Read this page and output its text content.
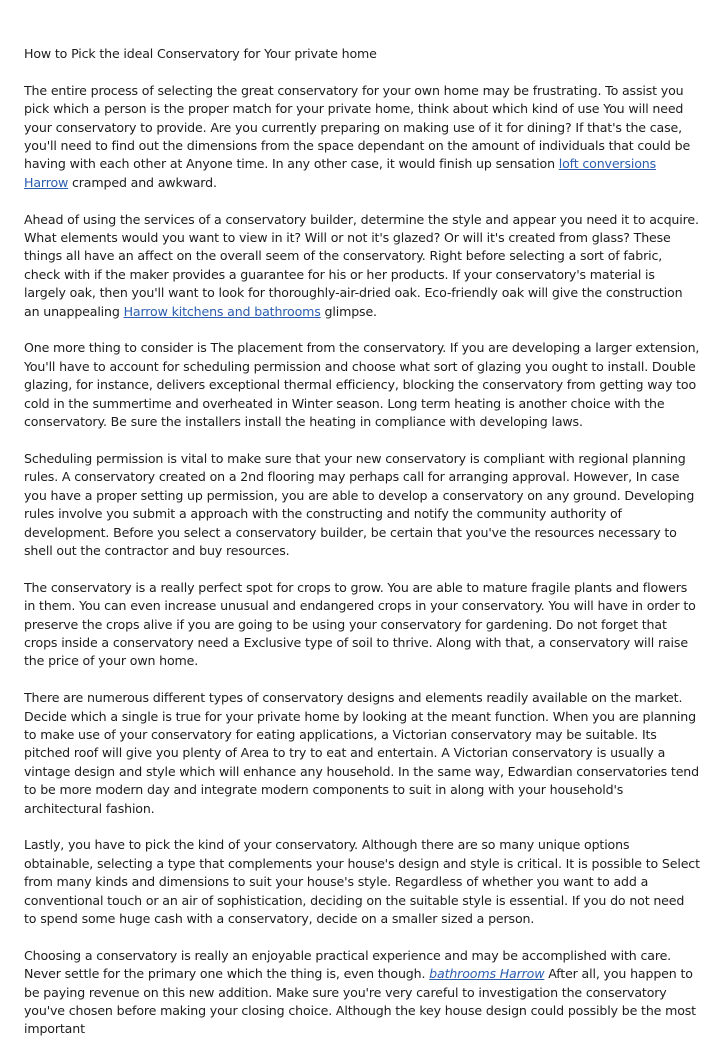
How to Pick the ideal Conservatory for Your private home

The entire process of selecting the great conservatory for your own home may be frustrating. To assist you pick which a person is the proper match for your private home, think about which kind of use You will need your conservatory to provide. Are you currently preparing on making use of it for dining? If that's the case, you'll need to find out the dimensions from the space dependant on the amount of individuals that could be having with each other at Anyone time. In any other case, it would finish up sensation loft conversions Harrow cramped and awkward.

Ahead of using the services of a conservatory builder, determine the style and appear you need it to acquire. What elements would you want to view in it? Will or not it's glazed? Or will it's created from glass? These things all have an affect on the overall seem of the conservatory. Right before selecting a sort of fabric, check with if the maker provides a guarantee for his or her products. If your conservatory's material is largely oak, then you'll want to look for thoroughly-air-dried oak. Eco-friendly oak will give the construction an unappealing Harrow kitchens and bathrooms glimpse.

One more thing to consider is The placement from the conservatory. If you are developing a larger extension, You'll have to account for scheduling permission and choose what sort of glazing you ought to install. Double glazing, for instance, delivers exceptional thermal efficiency, blocking the conservatory from getting way too cold in the summertime and overheated in Winter season. Long term heating is another choice with the conservatory. Be sure the installers install the heating in compliance with developing laws.

Scheduling permission is vital to make sure that your new conservatory is compliant with regional planning rules. A conservatory created on a 2nd flooring may perhaps call for arranging approval. However, In case you have a proper setting up permission, you are able to develop a conservatory on any ground. Developing rules involve you submit a approach with the constructing and notify the community authority of development. Before you select a conservatory builder, be certain that you've the resources necessary to shell out the contractor and buy resources.

The conservatory is a really perfect spot for crops to grow. You are able to mature fragile plants and flowers in them. You can even increase unusual and endangered crops in your conservatory. You will have in order to preserve the crops alive if you are going to be using your conservatory for gardening. Do not forget that crops inside a conservatory need a Exclusive type of soil to thrive. Along with that, a conservatory will raise the price of your own home.

There are numerous different types of conservatory designs and elements readily available on the market. Decide which a single is true for your private home by looking at the meant function. When you are planning to make use of your conservatory for eating applications, a Victorian conservatory may be suitable. Its pitched roof will give you plenty of Area to try to eat and entertain. A Victorian conservatory is usually a vintage design and style which will enhance any household. In the same way, Edwardian conservatories tend to be more modern day and integrate modern components to suit in along with your household's architectural fashion.

Lastly, you have to pick the kind of your conservatory. Although there are so many unique options obtainable, selecting a type that complements your house's design and style is critical. It is possible to Select from many kinds and dimensions to suit your house's style. Regardless of whether you want to add a conventional touch or an air of sophistication, deciding on the suitable style is essential. If you do not need to spend some huge cash with a conservatory, decide on a smaller sized a person.

Choosing a conservatory is really an enjoyable practical experience and may be accomplished with care. Never settle for the primary one which the thing is, even though. bathrooms Harrow After all, you happen to be paying revenue on this new addition. Make sure you're very careful to investigation the conservatory you've chosen before making your closing choice. Although the key house design could possibly be the most important
